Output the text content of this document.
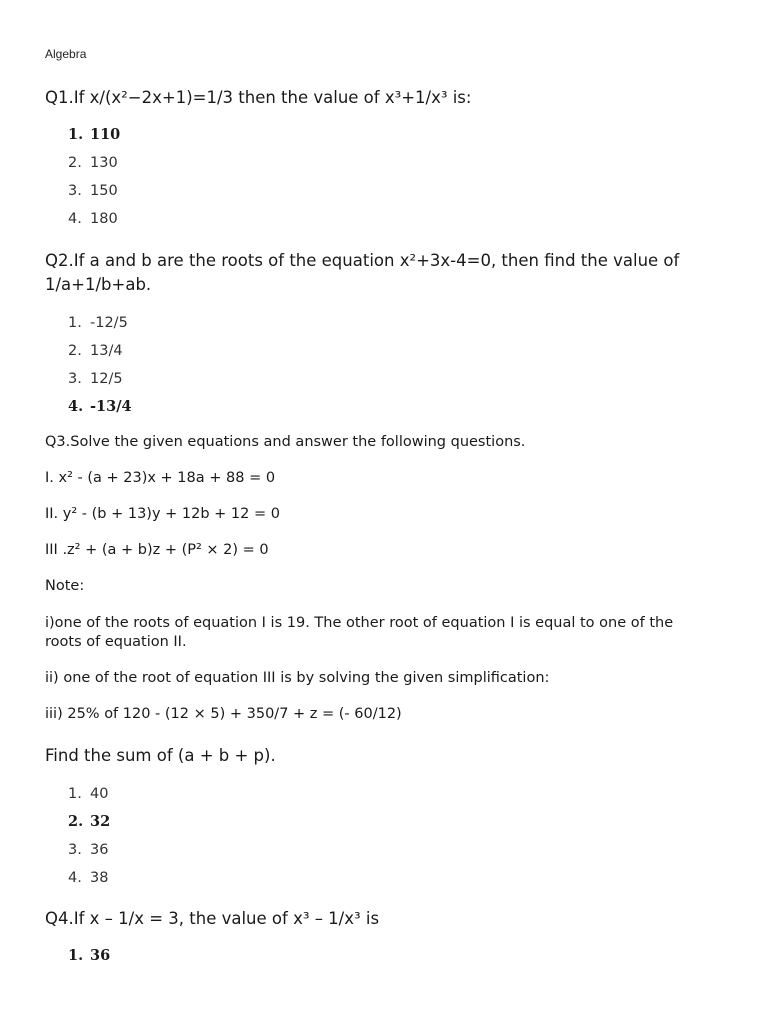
Algebra

Q1.If x/(x²−2x+1)=1/3 then the value of x³+1/x³ is:

1. 110
2. 130
3. 150
4. 180

Q2.If a and b are the roots of the equation x²+3x-4=0, then find the value of 1/a+1/b+ab.

1. -12/5
2. 13/4
3. 12/5
4. -13/4

Q3.Solve the given equations and answer the following questions.

I. x² - (a + 23)x + 18a + 88 = 0

II. y² - (b + 13)y + 12b + 12 = 0

III .z² + (a + b)z + (P² × 2) = 0

Note:

i)one of the roots of equation I is 19. The other root of equation I is equal to one of the roots of equation II.

ii) one of the root of equation III is by solving the given simplification:

iii) 25% of 120 - (12 × 5) + 350/7 + z = (- 60/12)

Find the sum of (a + b + p).

1. 40
2. 32
3. 36
4. 38

Q4.If x – 1/x = 3, the value of x³ – 1/x³ is

1. 36
